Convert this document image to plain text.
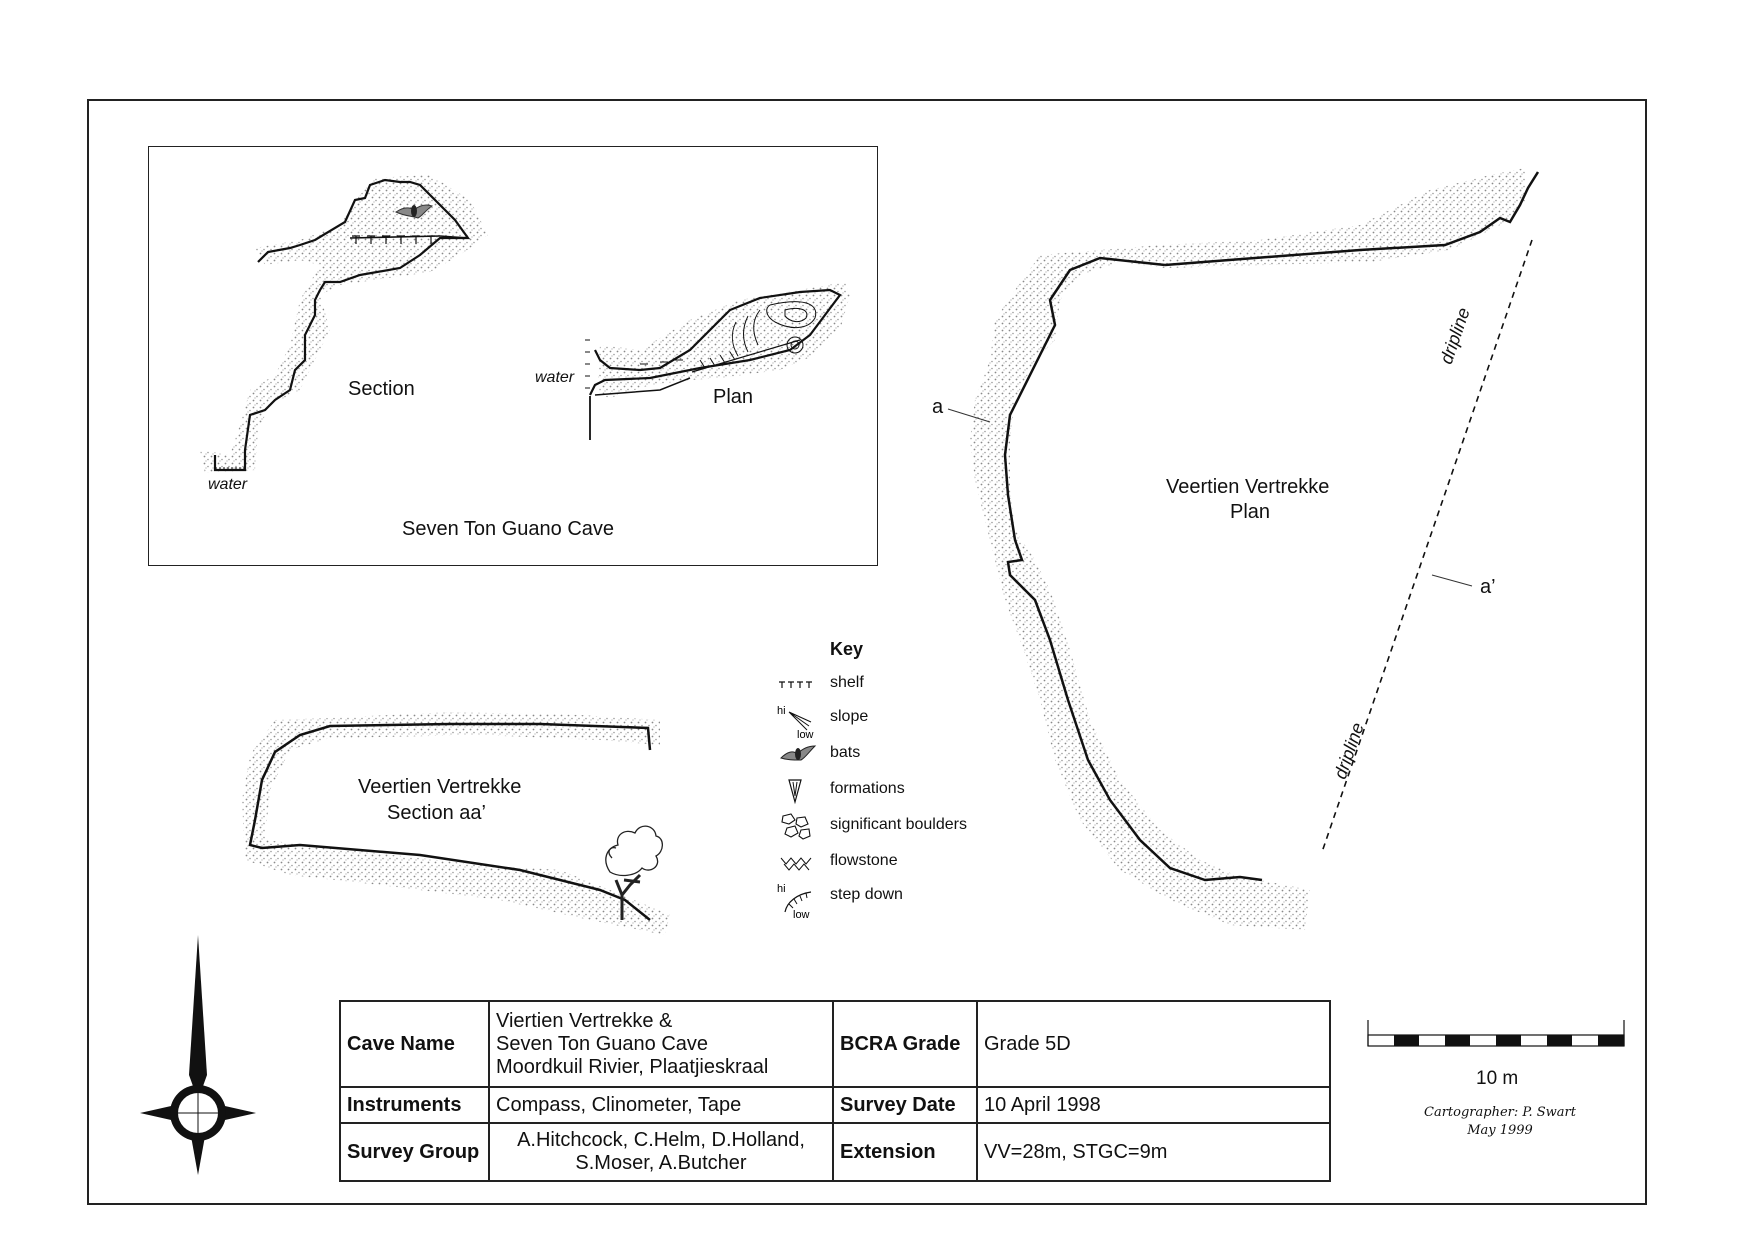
Section	Plan
water
water
Seven Ton Guano Cave
Veertien Vertrekke
Plan
a
a’
dripline
dripline
Veertien Vertrekke
Section aa’
Key
shelf
hi
low
slope
bats
formations
significant boulders
flowstone
hi
low
step down
Cave Name	Viertien Vertrekke &
Seven Ton Guano Cave
Moordkuil Rivier, Plaatjieskraal	BCRA Grade	Grade 5D
Instruments	Compass, Clinometer, Tape	Survey Date	10 April 1998
Survey Group	A.Hitchcock, C.Helm, D.Holland,
S.Moser, A.Butcher	Extension	VV=28m, STGC=9m
10 m
Cartographer: P. Swart
May 1999
